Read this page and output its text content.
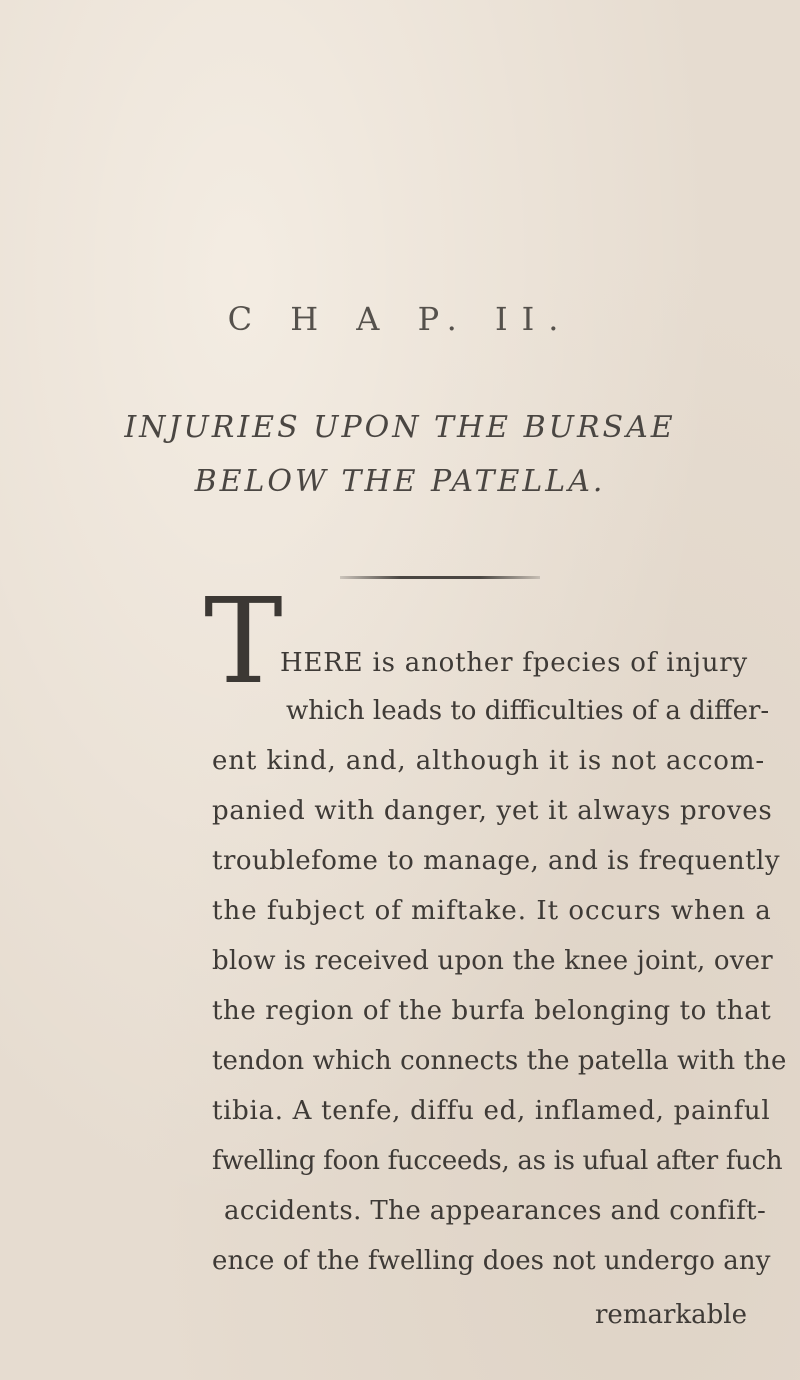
C H A P. II.
INJURIES UPON THE BURSAE
BELOW THE PATELLA.
T
HERE is another fpecies of injury
which leads to difficulties of a differ-
ent kind, and, although it is not accom-
panied with danger, yet it always proves
troublefome to manage, and is frequently
the fubject of miftake. It occurs when a
blow is received upon the knee joint, over
the region of the burfa belonging to that
tendon which connects the patella with the
tibia. A tenfe, diffu ed, inflamed, painful
fwelling foon fucceeds, as is ufual after fuch
accidents. The appearances and confift-
ence of the fwelling does not undergo any
remarkable
